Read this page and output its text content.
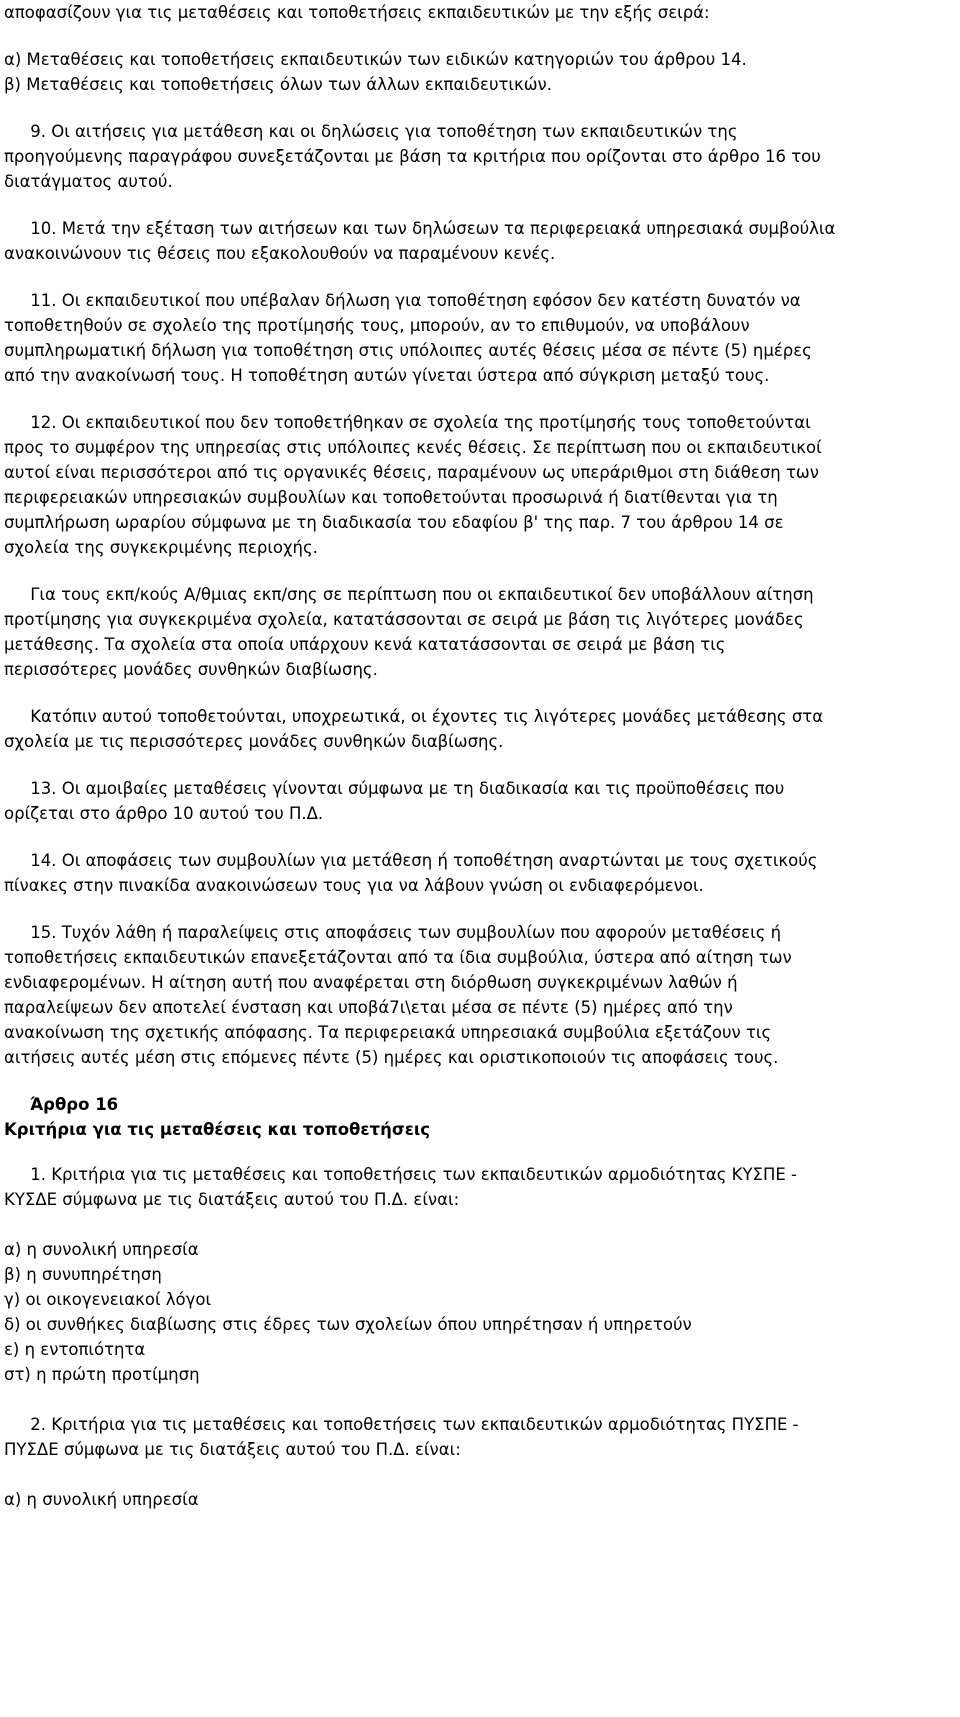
αποφασίζουν για τις μεταθέσεις και τοποθετήσεις εκπαιδευτικών με την εξής σειρά:
α) Μεταθέσεις και τοποθετήσεις εκπαιδευτικών των ειδικών κατηγοριών του άρθρου 14.
β) Μεταθέσεις και τοποθετήσεις όλων των άλλων εκπαιδευτικών.
9. Οι αιτήσεις για μετάθεση και οι δηλώσεις για τοποθέτηση των εκπαιδευτικών της
προηγούμενης παραγράφου συνεξετάζονται με βάση τα κριτήρια που ορίζονται στο άρθρο 16 του
διατάγματος αυτού.
10. Μετά την εξέταση των αιτήσεων και των δηλώσεων τα περιφερειακά υπηρεσιακά συμβούλια
ανακοινώνουν τις θέσεις που εξακολουθούν να παραμένουν κενές.
11. Οι εκπαιδευτικοί που υπέβαλαν δήλωση για τοποθέτηση εφόσον δεν κατέστη δυνατόν να
τοποθετηθούν σε σχολείο της προτίμησής τους, μπορούν, αν το επιθυμούν, να υποβάλουν
συμπληρωματική δήλωση για τοποθέτηση στις υπόλοιπες αυτές θέσεις μέσα σε πέντε (5) ημέρες
από την ανακοίνωσή τους. Η τοποθέτηση αυτών γίνεται ύστερα από σύγκριση μεταξύ τους.
12. Οι εκπαιδευτικοί που δεν τοποθετήθηκαν σε σχολεία της προτίμησής τους τοποθετούνται
προς το συμφέρον της υπηρεσίας στις υπόλοιπες κενές θέσεις. Σε περίπτωση που οι εκπαιδευτικοί
αυτοί είναι περισσότεροι από τις οργανικές θέσεις, παραμένουν ως υπεράριθμοι στη διάθεση των
περιφερειακών υπηρεσιακών συμβουλίων και τοποθετούνται προσωρινά ή διατίθενται για τη
συμπλήρωση ωραρίου σύμφωνα με τη διαδικασία του εδαφίου β' της παρ. 7 του άρθρου 14 σε
σχολεία της συγκεκριμένης περιοχής.
Για τους εκπ/κούς Α/θμιας εκπ/σης σε περίπτωση που οι εκπαιδευτικοί δεν υποβάλλουν αίτηση
προτίμησης για συγκεκριμένα σχολεία, κατατάσσονται σε σειρά με βάση τις λιγότερες μονάδες
μετάθεσης. Τα σχολεία στα οποία υπάρχουν κενά κατατάσσονται σε σειρά με βάση τις
περισσότερες μονάδες συνθηκών διαβίωσης.
Κατόπιν αυτού τοποθετούνται, υποχρεωτικά, οι έχοντες τις λιγότερες μονάδες μετάθεσης στα
σχολεία με τις περισσότερες μονάδες συνθηκών διαβίωσης.
13. Οι αμοιβαίες μεταθέσεις γίνονται σύμφωνα με τη διαδικασία και τις προϋποθέσεις που
ορίζεται στο άρθρο 10 αυτού του Π.Δ.
14. Οι αποφάσεις των συμβουλίων για μετάθεση ή τοποθέτηση αναρτώνται με τους σχετικούς
πίνακες στην πινακίδα ανακοινώσεων τους για να λάβουν γνώση οι ενδιαφερόμενοι.
15. Τυχόν λάθη ή παραλείψεις στις αποφάσεις των συμβουλίων που αφορούν μεταθέσεις ή
τοποθετήσεις εκπαιδευτικών επανεξετάζονται από τα ίδια συμβούλια, ύστερα από αίτηση των
ενδιαφερομένων. Η αίτηση αυτή που αναφέρεται στη διόρθωση συγκεκριμένων λαθών ή
παραλείψεων δεν αποτελεί ένσταση και υποβά7ι\εται μέσα σε πέντε (5) ημέρες από την
ανακοίνωση της σχετικής απόφασης. Τα περιφερειακά υπηρεσιακά συμβούλια εξετάζουν τις
αιτήσεις αυτές μέση στις επόμενες πέντε (5) ημέρες και οριστικοποιούν τις αποφάσεις τους.
Άρθρο 16
Κριτήρια για τις μεταθέσεις και τοποθετήσεις
1. Κριτήρια για τις μεταθέσεις και τοποθετήσεις των εκπαιδευτικών αρμοδιότητας ΚΥΣΠΕ -
ΚΥΣΔΕ σύμφωνα με τις διατάξεις αυτού του Π.Δ. είναι:
α) η συνολική υπηρεσία
β) η συνυπηρέτηση
γ) οι οικογενειακοί λόγοι
δ) οι συνθήκες διαβίωσης στις έδρες των σχολείων όπου υπηρέτησαν ή υπηρετούν
ε) η εντοπιότητα
στ) η πρώτη προτίμηση
2. Κριτήρια για τις μεταθέσεις και τοποθετήσεις των εκπαιδευτικών αρμοδιότητας ΠΥΣΠΕ -
ΠΥΣΔΕ σύμφωνα με τις διατάξεις αυτού του Π.Δ. είναι:
α) η συνολική υπηρεσία
